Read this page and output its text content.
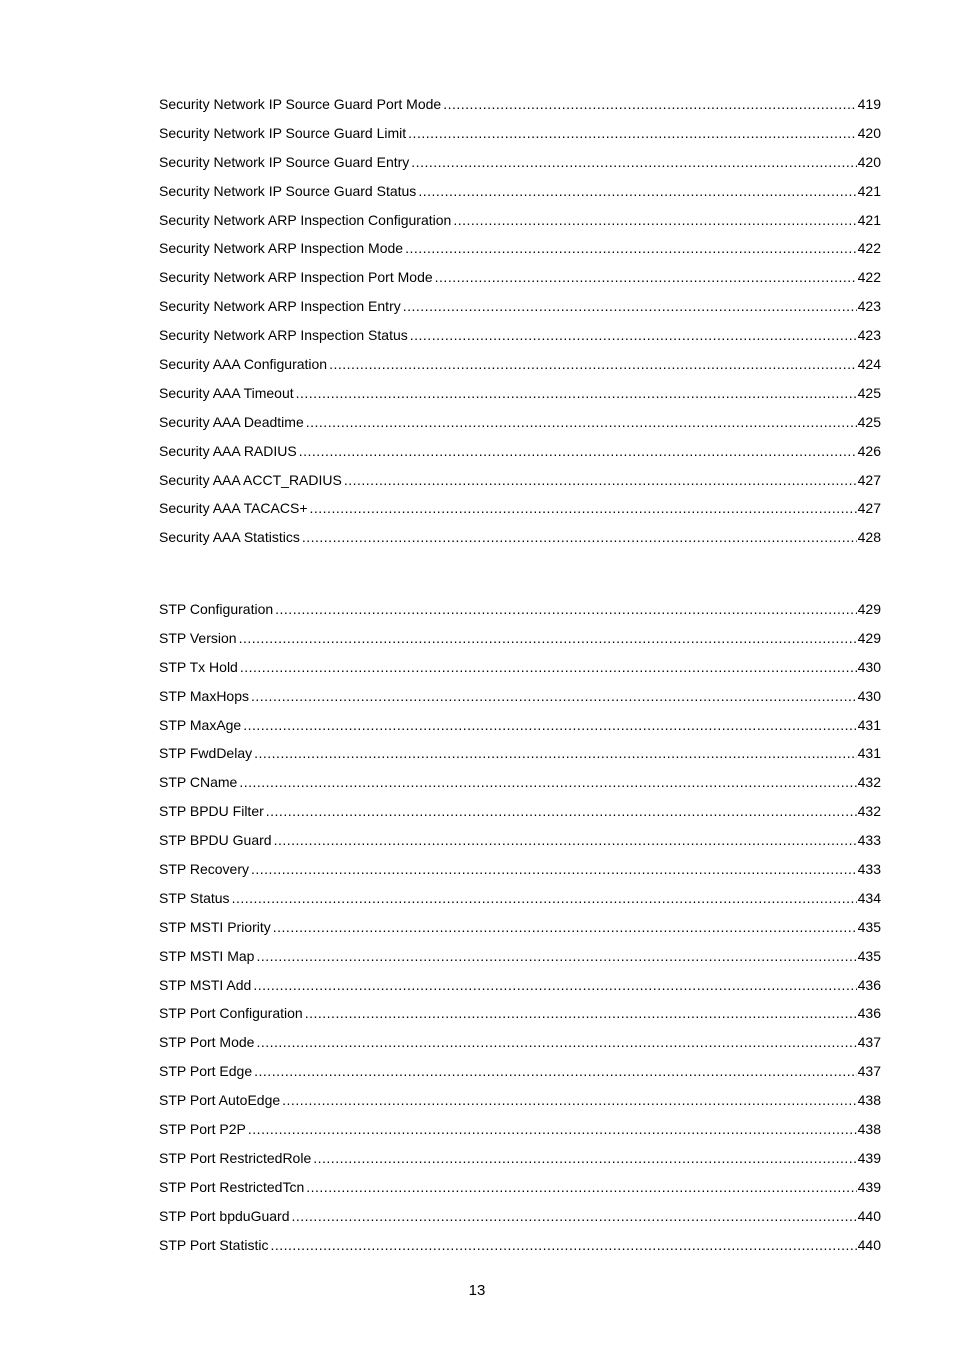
Security Network IP Source Guard Port Mode .....	419
Security Network IP Source Guard Limit .....	420
Security Network IP Source Guard Entry .....	420
Security Network IP Source Guard Status .....	421
Security Network ARP Inspection Configuration .....	421
Security Network ARP Inspection Mode .....	422
Security Network ARP Inspection Port Mode .....	422
Security Network ARP Inspection Entry .....	423
Security Network ARP Inspection Status .....	423
Security AAA Configuration .....	424
Security AAA Timeout .....	425
Security AAA Deadtime .....	425
Security AAA RADIUS .....	426
Security AAA ACCT_RADIUS .....	427
Security AAA TACACS+ .....	427
Security AAA Statistics .....	428
STP Configuration .....	429
STP Version .....	429
STP Tx Hold .....	430
STP MaxHops .....	430
STP MaxAge .....	431
STP FwdDelay .....	431
STP CName .....	432
STP BPDU Filter .....	432
STP BPDU Guard .....	433
STP Recovery .....	433
STP Status .....	434
STP MSTI Priority .....	435
STP MSTI Map .....	435
STP MSTI Add .....	436
STP Port Configuration .....	436
STP Port Mode .....	437
STP Port Edge .....	437
STP Port AutoEdge .....	438
STP Port P2P .....	438
STP Port RestrictedRole .....	439
STP Port RestrictedTcn .....	439
STP Port bpduGuard .....	440
STP Port Statistic .....	440
13
